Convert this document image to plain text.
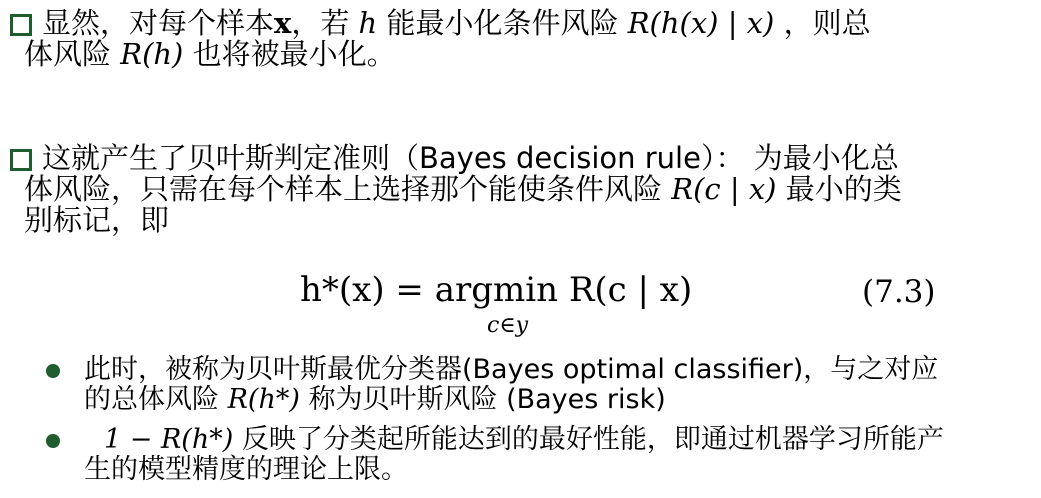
显然，对每个样本x，若 h 能最小化条件风险 R(h(x) | x) ，则总
体风险 R(h) 也将被最小化。
这就产生了贝叶斯判定准则（Bayes decision rule）： 为最小化总
体风险，只需在每个样本上选择那个能使条件风险 R(c | x) 最小的类
别标记，即
h*(x) = argmin R(c | x)
c∈y
(7.3)
此时，被称为贝叶斯最优分类器(Bayes optimal classifier)，与之对应
的总体风险 R(h*) 称为贝叶斯风险 (Bayes risk)
1 − R(h*) 反映了分类起所能达到的最好性能，即通过机器学习所能产
生的模型精度的理论上限。
